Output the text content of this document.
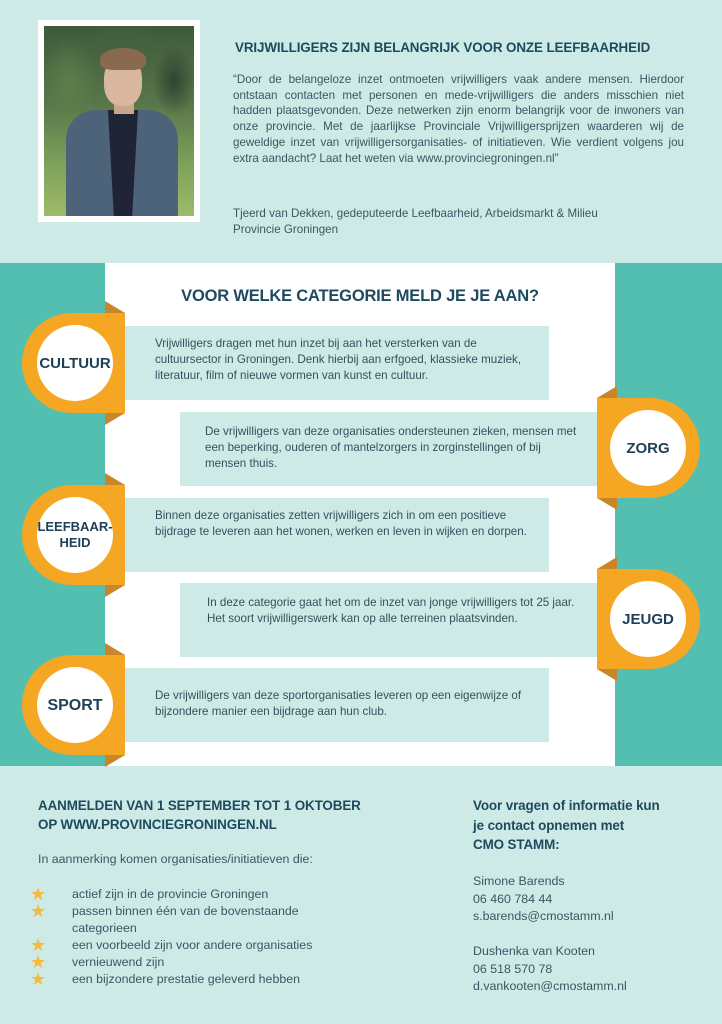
VRIJWILLIGERS ZIJN BELANGRIJK VOOR ONZE LEEFBAARHEID

“Door de belangeloze inzet ontmoeten vrijwilligers vaak andere mensen. Hierdoor ontstaan contacten met personen en mede-vrijwilligers die anders misschien niet hadden plaatsgevonden. Deze netwerken zijn enorm belangrijk voor de inwoners van onze provincie. Met de jaarlijkse Provinciale Vrijwilligersprijzen waarderen wij de geweldige inzet van vrijwilligersorganisaties- of initiatieven. Wie verdient volgens jou extra aandacht? Laat het weten via www.provinciegroningen.nl”

Tjeerd van Dekken, gedeputeerde Leefbaarheid, Arbeidsmarkt & Milieu
Provincie Groningen
VOOR WELKE CATEGORIE MELD JE JE AAN?

Vrijwilligers dragen met hun inzet bij aan het versterken van de cultuursector in Groningen. Denk hierbij aan erfgoed, klassieke muziek, literatuur, film of nieuwe vormen van kunst en cultuur.

CULTUUR

De vrijwilligers van deze organisaties ondersteunen zieken, mensen met een beperking, ouderen of mantelzorgers in zorginstellingen of bij mensen thuis.

ZORG

Binnen deze organisaties zetten vrijwilligers zich in om een positieve bijdrage te leveren aan het wonen, werken en leven in wijken en dorpen.

LEEFBAAR-
HEID

In deze categorie gaat het om de inzet van jonge vrijwilligers tot 25 jaar. Het soort vrijwilligerswerk kan op alle terreinen plaatsvinden.	JEUGD

De vrijwilligers van deze sportorganisaties leveren op een eigenwijze of bijzondere manier een bijdrage aan hun club.

SPORT
AANMELDEN VAN 1 SEPTEMBER TOT 1 OKTOBER
OP WWW.PROVINCIEGRONINGEN.NL

In aanmerking komen organisaties/initiatieven die:

★ actief zijn in de provincie Groningen
★ passen binnen één van de bovenstaande categorieen
★ een voorbeeld zijn voor andere organisaties
★ vernieuwend zijn
★ een bijzondere prestatie geleverd hebben
Voor vragen of informatie kun
je contact opnemen met
CMO STAMM:
Simone Barends
06 460 784 44
s.barends@cmostamm.nl
Dushenka van Kooten
06 518 570 78
d.vankooten@cmostamm.nl
